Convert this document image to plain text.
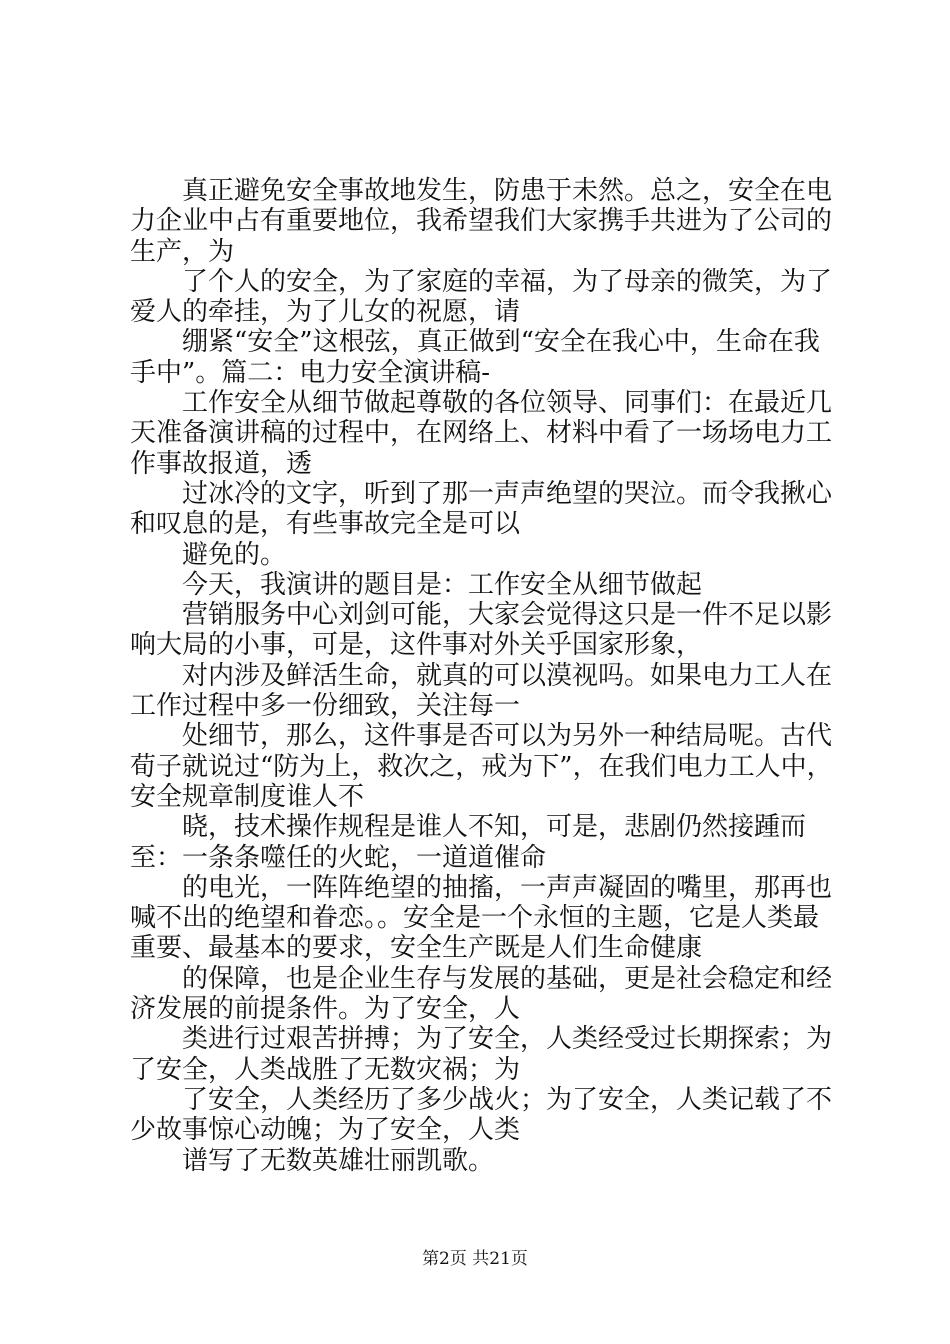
真正避免安全事故地发生，防患于未然。总之，安全在电力企业中占有重要地位，我希望我们大家携手共进为了公司的生产，为

了个人的安全，为了家庭的幸福，为了母亲的微笑，为了爱人的牵挂，为了儿女的祝愿，请

绷紧“安全”这根弦，真正做到“安全在我心中，生命在我手中”。篇二：电力安全演讲稿-

工作安全从细节做起尊敬的各位领导、同事们：在最近几天准备演讲稿的过程中，在网络上、材料中看了一场场电力工作事故报道，透

过冰冷的文字，听到了那一声声绝望的哭泣。而令我揪心和叹息的是，有些事故完全是可以

避免的。

今天，我演讲的题目是：工作安全从细节做起

营销服务中心刘剑可能，大家会觉得这只是一件不足以影响大局的小事，可是，这件事对外关乎国家形象，

对内涉及鲜活生命，就真的可以漠视吗。如果电力工人在工作过程中多一份细致，关注每一

处细节，那么，这件事是否可以为另外一种结局呢。古代荀子就说过“防为上，救次之，戒为下”，在我们电力工人中，安全规章制度谁人不

晓，技术操作规程是谁人不知，可是，悲剧仍然接踵而至：一条条噬任的火蛇，一道道催命

的电光，一阵阵绝望的抽搐，一声声凝固的嘴里，那再也喊不出的绝望和眷恋。。安全是一个永恒的主题，它是人类最重要、最基本的要求，安全生产既是人们生命健康

的保障，也是企业生存与发展的基础，更是社会稳定和经济发展的前提条件。为了安全，人

类进行过艰苦拼搏；为了安全，人类经受过长期探索；为了安全，人类战胜了无数灾祸；为

了安全，人类经历了多少战火；为了安全，人类记载了不少故事惊心动魄；为了安全，人类

谱写了无数英雄壮丽凯歌。

第2页 共21页
